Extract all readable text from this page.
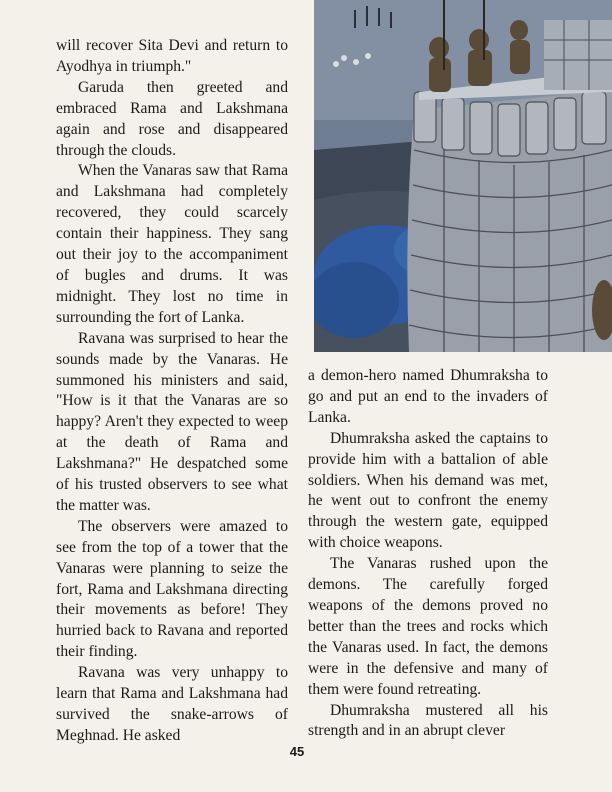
will recover Sita Devi and return to Ayodhya in triumph."

Garuda then greeted and embraced Rama and Lakshmana again and rose and disappeared through the clouds.

When the Vanaras saw that Rama and Lakshmana had completely recovered, they could scarcely contain their happiness. They sang out their joy to the accompaniment of bugles and drums. It was midnight. They lost no time in surrounding the fort of Lanka.

Ravana was surprised to hear the sounds made by the Vanaras. He summoned his ministers and said, "How is it that the Vanaras are so happy? Aren't they expected to weep at the death of Rama and Lakshmana?" He despatched some of his trusted observers to see what the matter was.

The observers were amazed to see from the top of a tower that the Vanaras were planning to seize the fort, Rama and Lakshmana directing their movements as before! They hurried back to Ravana and reported their finding.

Ravana was very unhappy to learn that Rama and Lakshmana had survived the snake-arrows of Meghnad. He asked

a demon-hero named Dhumraksha to go and put an end to the invaders of Lanka.

Dhumraksha asked the captains to provide him with a battalion of able soldiers. When his demand was met, he went out to confront the enemy through the western gate, equipped with choice weapons.

The Vanaras rushed upon the demons. The carefully forged weapons of the demons proved no better than the trees and rocks which the Vanaras used. In fact, the demons were in the defensive and many of them were found retreating.

Dhumraksha mustered all his strength and in an abrupt clever

45
